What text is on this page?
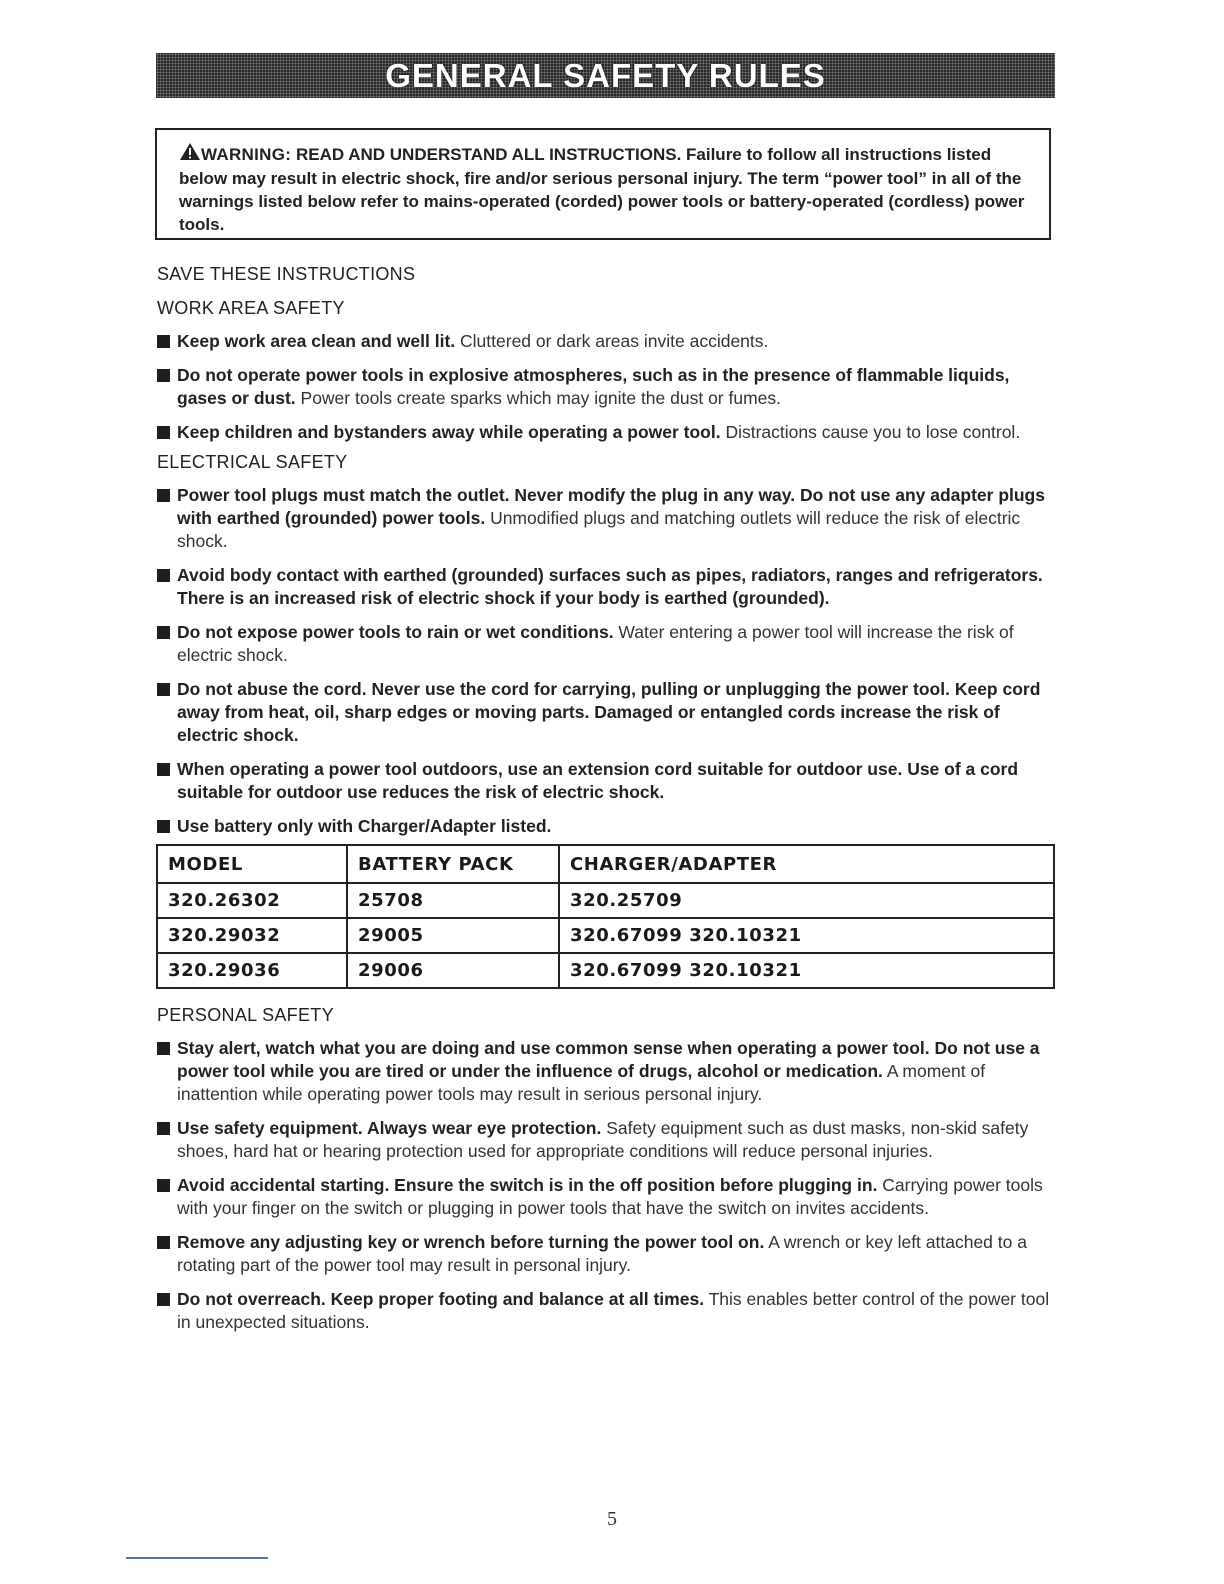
GENERAL SAFETY RULES
WARNING: READ AND UNDERSTAND ALL INSTRUCTIONS. Failure to follow all instructions listed below may result in electric shock, fire and/or serious personal injury. The term “power tool” in all of the warnings listed below refer to mains-operated (corded) power tools or battery-operated (cordless) power tools.
SAVE THESE INSTRUCTIONS
WORK AREA SAFETY
Keep work area clean and well lit. Cluttered or dark areas invite accidents.
Do not operate power tools in explosive atmospheres, such as in the presence of flammable liquids, gases or dust. Power tools create sparks which may ignite the dust or fumes.
Keep children and bystanders away while operating a power tool. Distractions cause you to lose control.
ELECTRICAL SAFETY
Power tool plugs must match the outlet. Never modify the plug in any way. Do not use any adapter plugs with earthed (grounded) power tools. Unmodified plugs and matching outlets will reduce the risk of electric shock.
Avoid body contact with earthed (grounded) surfaces such as pipes, radiators, ranges and refrigerators. There is an increased risk of electric shock if your body is earthed (grounded).
Do not expose power tools to rain or wet conditions. Water entering a power tool will increase the risk of electric shock.
Do not abuse the cord. Never use the cord for carrying, pulling or unplugging the power tool. Keep cord away from heat, oil, sharp edges or moving parts. Damaged or entangled cords increase the risk of electric shock.
When operating a power tool outdoors, use an extension cord suitable for outdoor use. Use of a cord suitable for outdoor use reduces the risk of electric shock.
Use battery only with Charger/Adapter listed.
MODEL	BATTERY PACK	CHARGER/ADAPTER
320.26302	25708	320.25709
320.29032	29005	320.67099 320.10321
320.29036	29006	320.67099 320.10321
PERSONAL SAFETY
Stay alert, watch what you are doing and use common sense when operating a power tool. Do not use a power tool while you are tired or under the influence of drugs, alcohol or medication. A moment of inattention while operating power tools may result in serious personal injury.
Use safety equipment. Always wear eye protection. Safety equipment such as dust masks, non-skid safety shoes, hard hat or hearing protection used for appropriate conditions will reduce personal injuries.
Avoid accidental starting. Ensure the switch is in the off position before plugging in. Carrying power tools with your finger on the switch or plugging in power tools that have the switch on invites accidents.
Remove any adjusting key or wrench before turning the power tool on. A wrench or key left attached to a rotating part of the power tool may result in personal injury.
Do not overreach. Keep proper footing and balance at all times. This enables better control of the power tool in unexpected situations.
5
